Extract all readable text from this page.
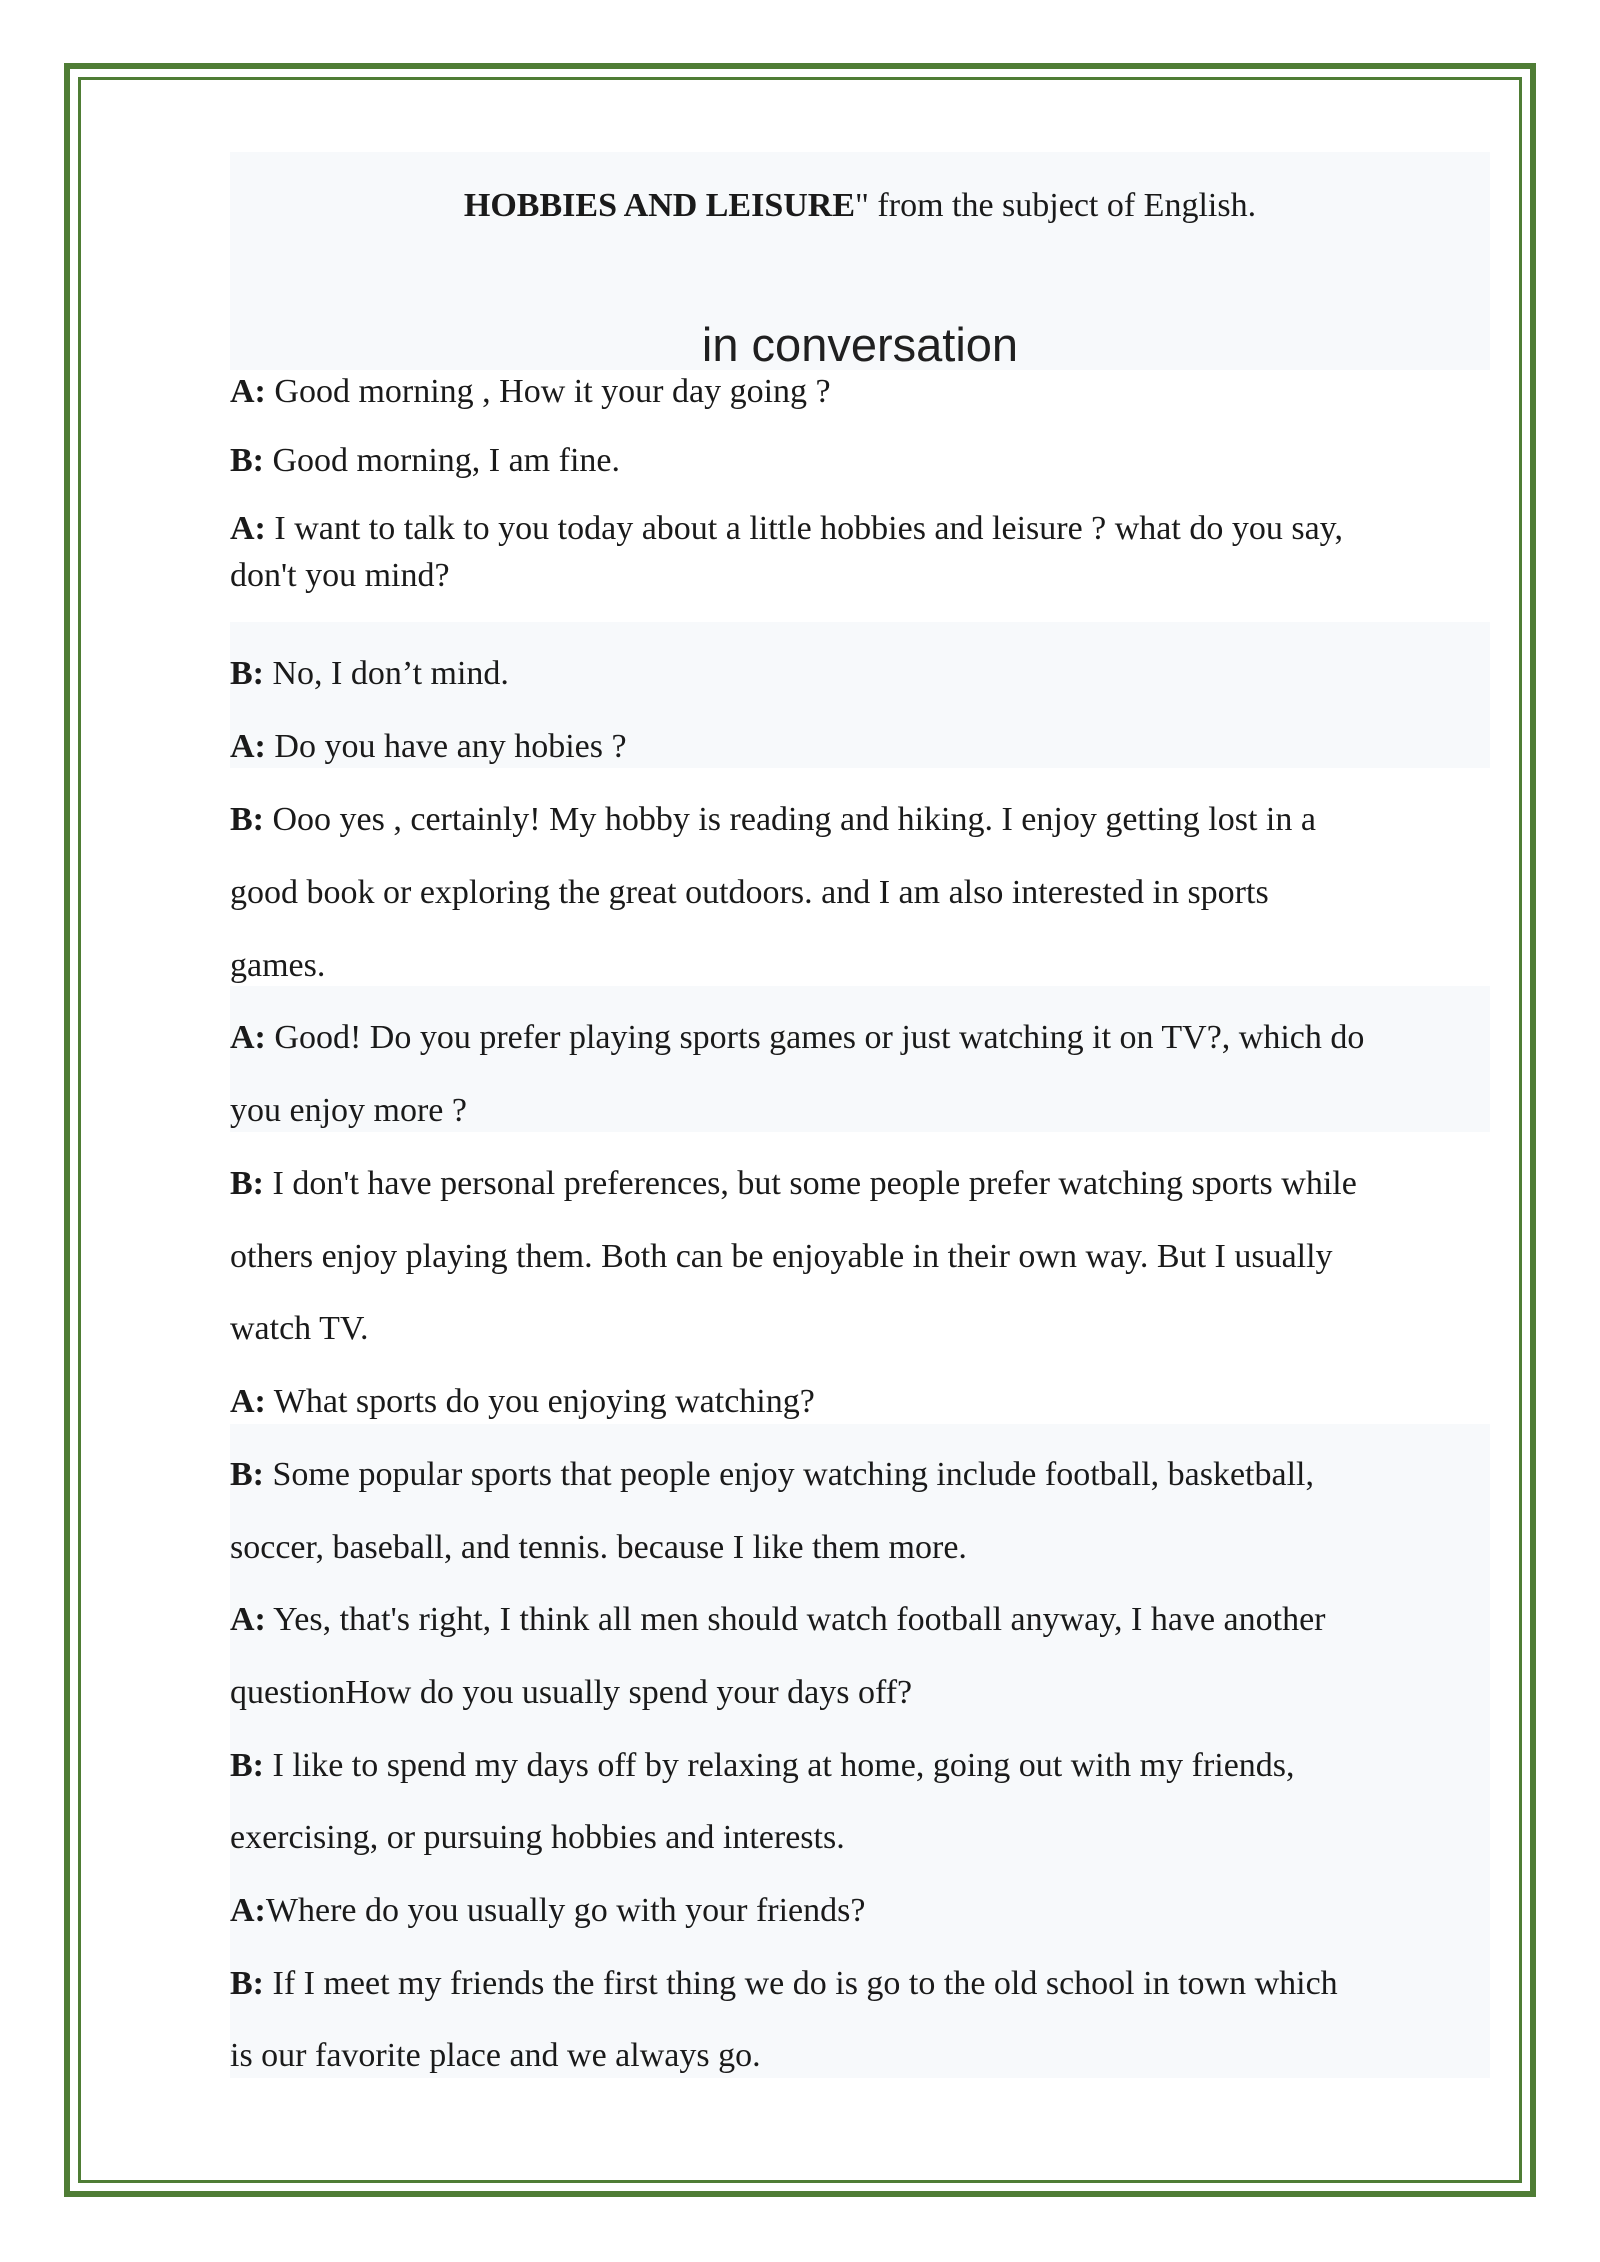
HOBBIES AND LEISURE" from the subject of English.
in conversation
A: Good morning , How it your day going ?
B: Good morning, I am fine.
A: I want to talk to you today about a little hobbies and leisure ? what do you say,
don't you mind?
B: No, I don’t mind.
A: Do you have any hobies ?
B: Ooo yes , certainly! My hobby is reading and hiking. I enjoy getting lost in a
good book or exploring the great outdoors. and I am also interested in sports
games.
A: Good! Do you prefer playing sports games or just watching it on TV?, which do
you enjoy more ?
B: I don't have personal preferences, but some people prefer watching sports while
others enjoy playing them. Both can be enjoyable in their own way. But I usually
watch TV.
A: What sports do you enjoying watching?
B: Some popular sports that people enjoy watching include football, basketball,
soccer, baseball, and tennis. because I like them more.
A: Yes, that's right, I think all men should watch football anyway, I have another
questionHow do you usually spend your days off?
B: I like to spend my days off by relaxing at home, going out with my friends,
exercising, or pursuing hobbies and interests.
A:Where do you usually go with your friends?
B: If I meet my friends the first thing we do is go to the old school in town which
is our favorite place and we always go.
